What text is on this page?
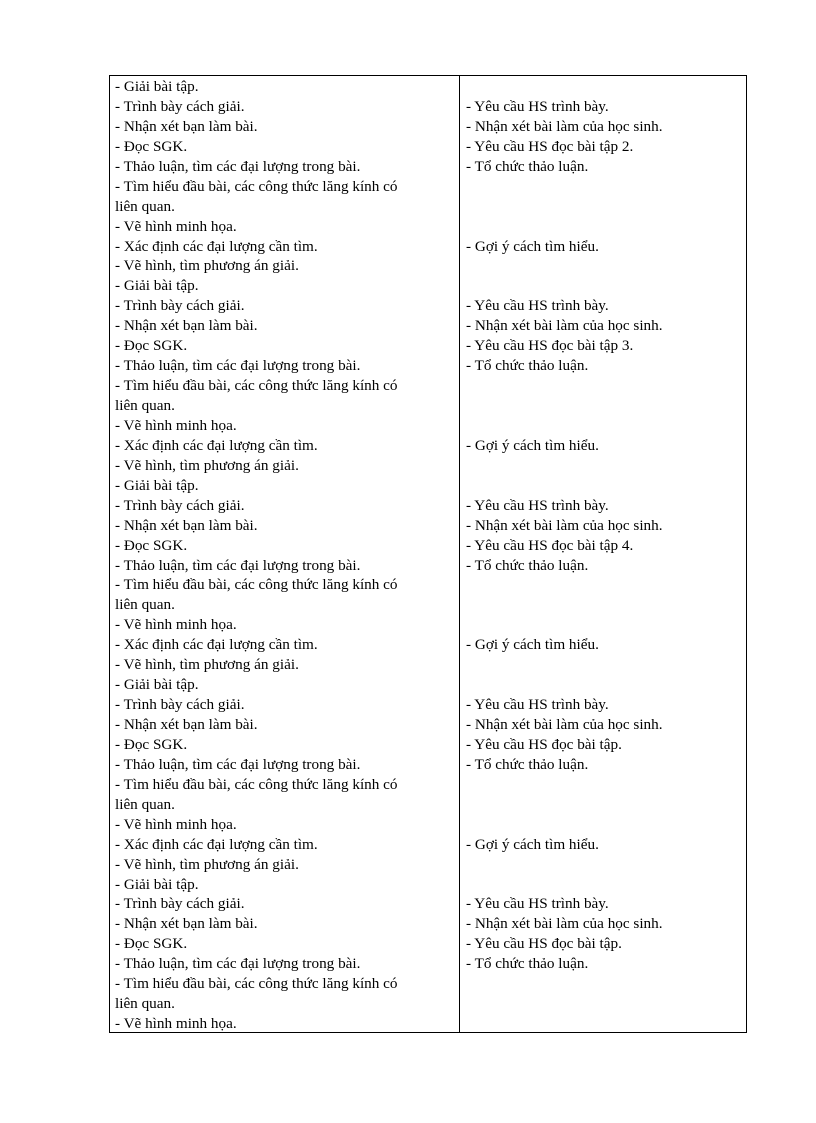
- Giải bài tập.
- Trình bày cách giải.
- Nhận xét bạn làm bài.
- Đọc SGK.
- Thảo luận, tìm các đại lượng trong bài.
- Tìm hiểu đầu bài, các công thức lăng kính có
liên quan.
- Vẽ hình minh họa.
- Xác định các đại lượng cần tìm.
- Vẽ hình, tìm phương án giải.
- Giải bài tập.
- Trình bày cách giải.
- Nhận xét bạn làm bài.
- Đọc SGK.
- Thảo luận, tìm các đại lượng trong bài.
- Tìm hiểu đầu bài, các công thức lăng kính có
liên quan.
- Vẽ hình minh họa.
- Xác định các đại lượng cần tìm.
- Vẽ hình, tìm phương án giải.
- Giải bài tập.
- Trình bày cách giải.
- Nhận xét bạn làm bài.
- Đọc SGK.
- Thảo luận, tìm các đại lượng trong bài.
- Tìm hiểu đầu bài, các công thức lăng kính có
liên quan.
- Vẽ hình minh họa.
- Xác định các đại lượng cần tìm.
- Vẽ hình, tìm phương án giải.
- Giải bài tập.
- Trình bày cách giải.
- Nhận xét bạn làm bài.
- Đọc SGK.
- Thảo luận, tìm các đại lượng trong bài.
- Tìm hiểu đầu bài, các công thức lăng kính có
liên quan.
- Vẽ hình minh họa.
- Xác định các đại lượng cần tìm.
- Vẽ hình, tìm phương án giải.
- Giải bài tập.
- Trình bày cách giải.
- Nhận xét bạn làm bài.
- Đọc SGK.
- Thảo luận, tìm các đại lượng trong bài.
- Tìm hiểu đầu bài, các công thức lăng kính có
liên quan.
- Vẽ hình minh họa.
- Yêu cầu HS trình bày.
- Nhận xét bài làm của học sinh.
- Yêu cầu HS đọc bài tập 2.
- Tổ chức thảo luận.
- Gợi ý cách tìm hiểu.
- Yêu cầu HS trình bày.
- Nhận xét bài làm của học sinh.
- Yêu cầu HS đọc bài tập 3.
- Tổ chức thảo luận.
- Gợi ý cách tìm hiểu.
- Yêu cầu HS trình bày.
- Nhận xét bài làm của học sinh.
- Yêu cầu HS đọc bài tập 4.
- Tổ chức thảo luận.
- Gợi ý cách tìm hiểu.
- Yêu cầu HS trình bày.
- Nhận xét bài làm của học sinh.
- Yêu cầu HS đọc bài tập.
- Tổ chức thảo luận.
- Gợi ý cách tìm hiểu.
- Yêu cầu HS trình bày.
- Nhận xét bài làm của học sinh.
- Yêu cầu HS đọc bài tập.
- Tổ chức thảo luận.
